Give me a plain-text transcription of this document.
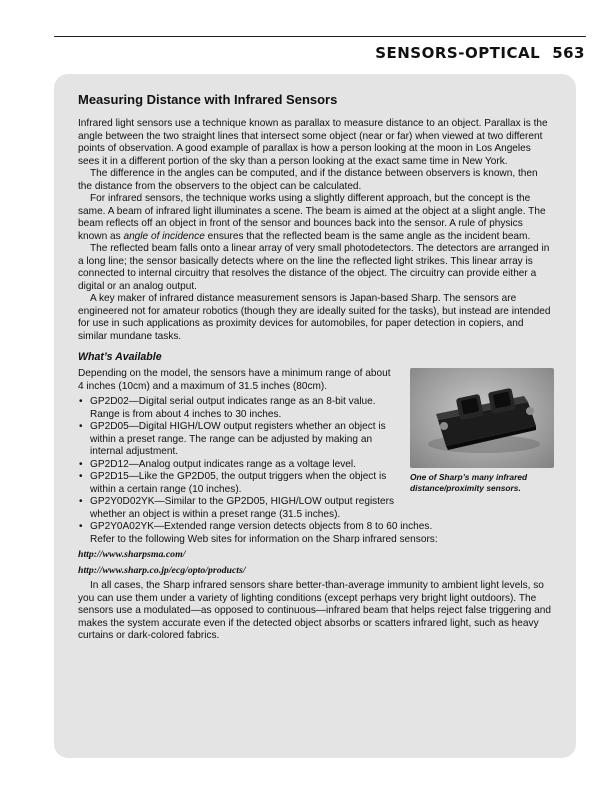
SENSORS-OPTICAL 563
Measuring Distance with Infrared Sensors

Infrared light sensors use a technique known as parallax to measure distance to an object. Parallax is the angle between the two straight lines that intersect some object (near or far) when viewed at two different points of observation. A good example of parallax is how a person looking at the moon in Los Angeles sees it in a different portion of the sky than a person looking at the exact same time in New York.

The difference in the angles can be computed, and if the distance between observers is known, then the distance from the observers to the object can be calculated.

For infrared sensors, the technique works using a slightly different approach, but the concept is the same. A beam of infrared light illuminates a scene. The beam is aimed at the object at a slight angle. The beam reflects off an object in front of the sensor and bounces back into the sensor. A rule of physics known as angle of incidence ensures that the reflected beam is the same angle as the incident beam.

The reflected beam falls onto a linear array of very small photodetectors. The detectors are arranged in a long line; the sensor basically detects where on the line the reflected light strikes. This linear array is connected to internal circuitry that resolves the distance of the object. The circuitry can provide either a digital or an analog output.

A key maker of infrared distance measurement sensors is Japan-based Sharp. The sensors are engineered not for amateur robotics (though they are ideally suited for the tasks), but instead are intended for use in such applications as proximity devices for automobiles, for paper detection in copiers, and similar mundane tasks.

What’s Available
One of Sharp’s many infrared distance/proximity sensors.

Depending on the model, the sensors have a minimum range of about 4 inches (10cm) and a maximum of 31.5 inches (80cm).

• GP2D02—Digital serial output indicates range as an 8-bit value. Range is from about 4 inches to 30 inches.
• GP2D05—Digital HIGH/LOW output registers whether an object is within a preset range. The range can be adjusted by making an internal adjustment.
• GP2D12—Analog output indicates range as a voltage level.
• GP2D15—Like the GP2D05, the output triggers when the object is within a certain range (10 inches).
• GP2Y0D02YK—Similar to the GP2D05, HIGH/LOW output registers whether an object is within a preset range (31.5 inches).
• GP2Y0A02YK—Extended range version detects objects from 8 to 60 inches.

Refer to the following Web sites for information on the Sharp infrared sensors:

http://www.sharpsma.com/
http://www.sharp.co.jp/ecg/opto/products/

In all cases, the Sharp infrared sensors share better-than-average immunity to ambient light levels, so you can use them under a variety of lighting conditions (except perhaps very bright light outdoors). The sensors use a modulated—as opposed to continuous—infrared beam that helps reject false triggering and makes the system accurate even if the detected object absorbs or scatters infrared light, such as heavy curtains or dark-colored fabrics.
